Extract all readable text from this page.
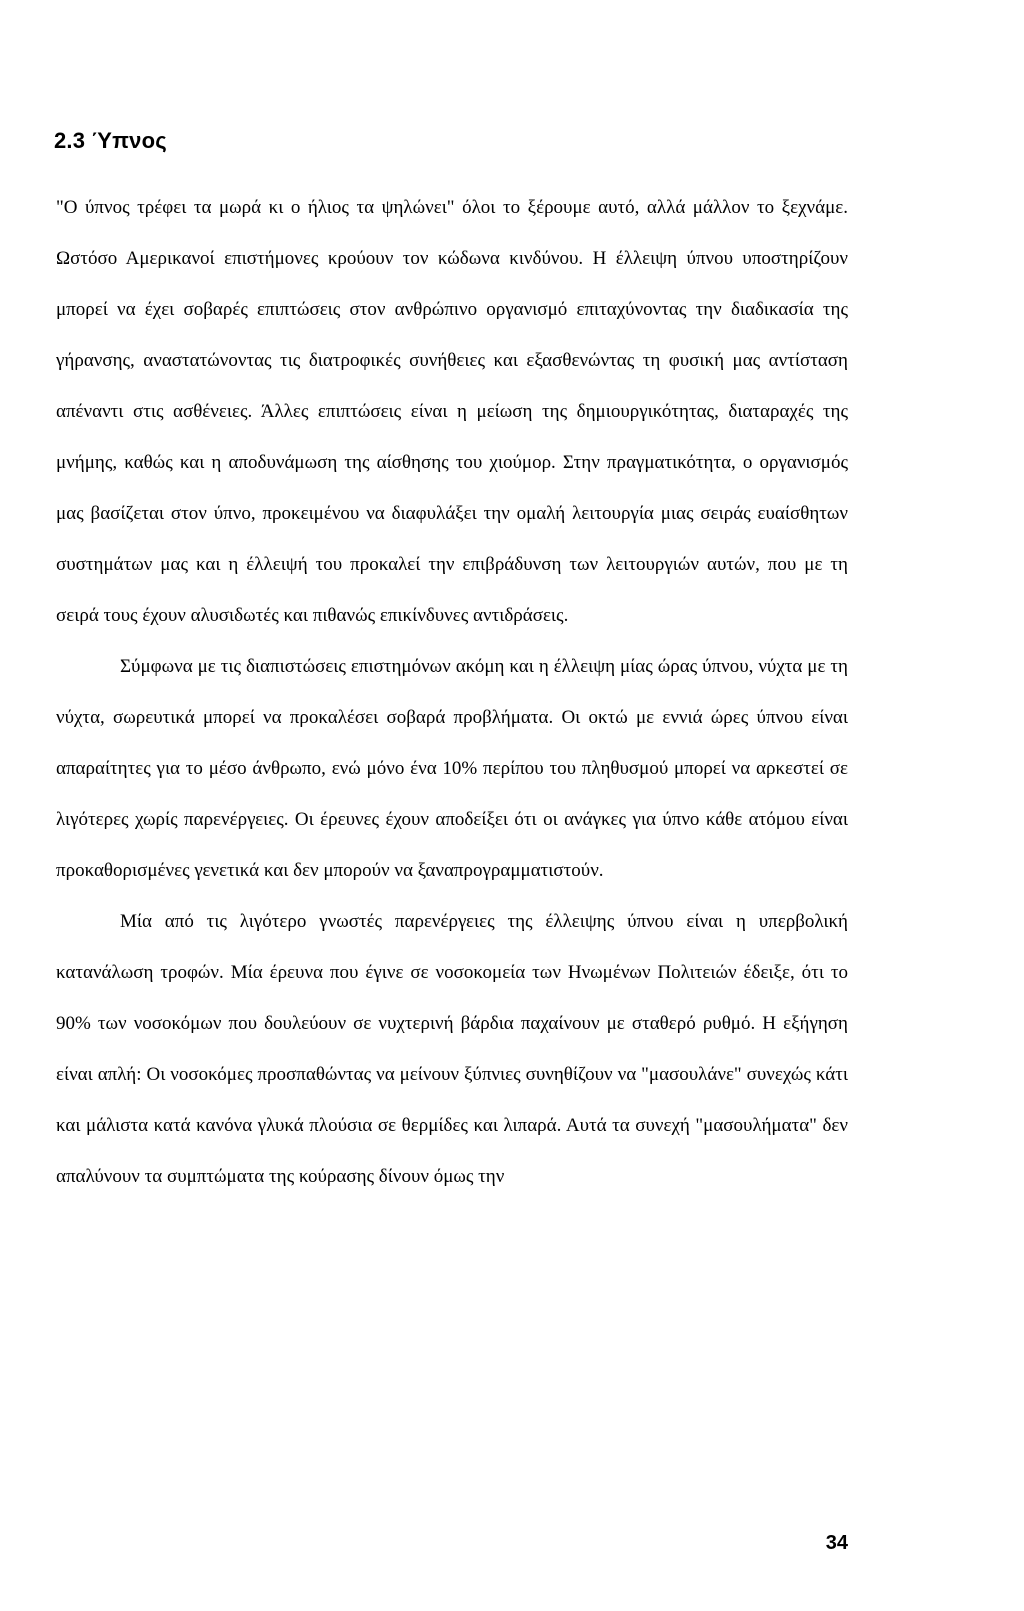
2.3 Ύπνος

"Ο ύπνος τρέφει τα μωρά κι ο ήλιος τα ψηλώνει" όλοι το ξέρουμε αυτό, αλλά μάλλον το ξεχνάμε. Ωστόσο Αμερικανοί επιστήμονες κρούουν τον κώδωνα κινδύνου. Η έλλειψη ύπνου υποστηρίζουν μπορεί να έχει σοβαρές επιπτώσεις στον ανθρώπινο οργανισμό επιταχύνοντας την διαδικασία της γήρανσης, αναστατώνοντας τις διατροφικές συνήθειες και εξασθενώντας τη φυσική μας αντίσταση απέναντι στις ασθένειες. Άλλες επιπτώσεις είναι η μείωση της δημιουργικότητας, διαταραχές της μνήμης, καθώς και η αποδυνάμωση της αίσθησης του χιούμορ. Στην πραγματικότητα, ο οργανισμός μας βασίζεται στον ύπνο, προκειμένου να διαφυλάξει την ομαλή λειτουργία μιας σειράς ευαίσθητων συστημάτων μας και η έλλειψή του προκαλεί την επιβράδυνση των λειτουργιών αυτών, που με τη σειρά τους έχουν αλυσιδωτές και πιθανώς επικίνδυνες αντιδράσεις.

Σύμφωνα με τις διαπιστώσεις επιστημόνων ακόμη και η έλλειψη μίας ώρας ύπνου, νύχτα με τη νύχτα, σωρευτικά μπορεί να προκαλέσει σοβαρά προβλήματα. Οι οκτώ με εννιά ώρες ύπνου είναι απαραίτητες για το μέσο άνθρωπο, ενώ μόνο ένα 10% περίπου του πληθυσμού μπορεί να αρκεστεί σε λιγότερες χωρίς παρενέργειες. Οι έρευνες έχουν αποδείξει ότι οι ανάγκες για ύπνο κάθε ατόμου είναι προκαθορισμένες γενετικά και δεν μπορούν να ξαναπρογραμματιστούν.

Μία από τις λιγότερο γνωστές παρενέργειες της έλλειψης ύπνου είναι η υπερβολική κατανάλωση τροφών. Μία έρευνα που έγινε σε νοσοκομεία των Ηνωμένων Πολιτειών έδειξε, ότι το 90% των νοσοκόμων που δουλεύουν σε νυχτερινή βάρδια παχαίνουν με σταθερό ρυθμό. Η εξήγηση είναι απλή: Οι νοσοκόμες προσπαθώντας να μείνουν ξύπνιες συνηθίζουν να "μασουλάνε" συνεχώς κάτι και μάλιστα κατά κανόνα γλυκά πλούσια σε θερμίδες και λιπαρά. Αυτά τα συνεχή "μασουλήματα" δεν απαλύνουν τα συμπτώματα της κούρασης δίνουν όμως την

34
